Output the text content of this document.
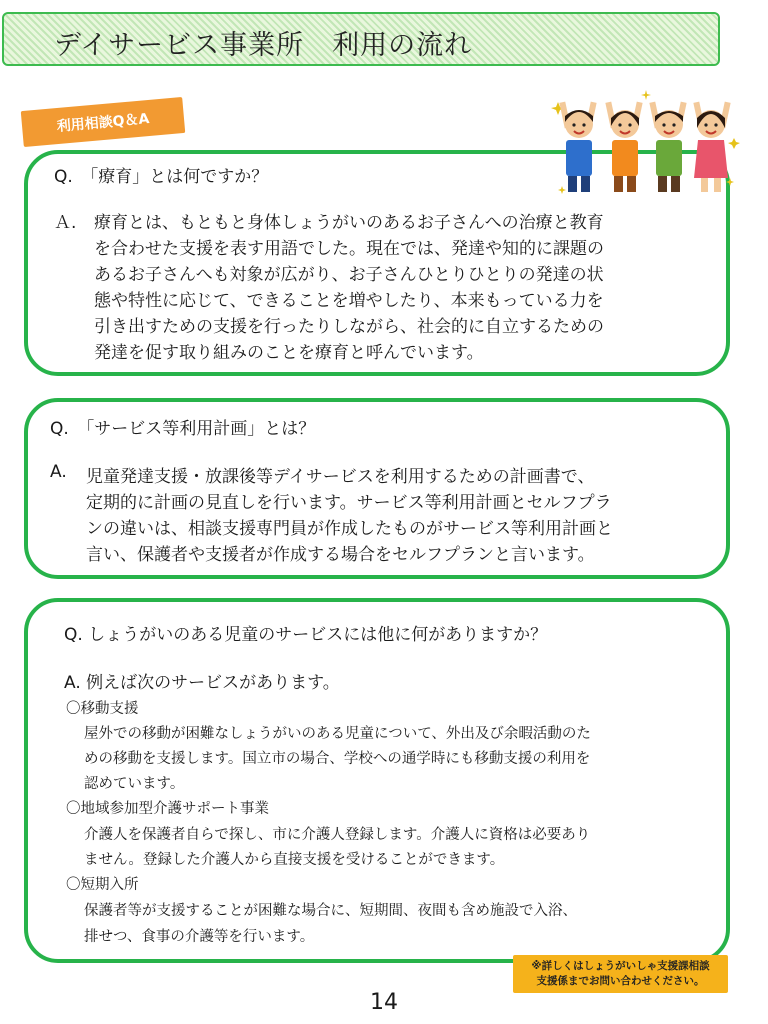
デイサービス事業所　利用の流れ
利用相談Q＆A
Q.　「療育」とは何ですか？
Ａ. 療育とは、もともと身体しょうがいのあるお子さんへの治療と教育
を合わせた支援を表す用語でした。現在では、発達や知的に課題の
あるお子さんへも対象が広がり、お子さんひとりひとりの発達の状
態や特性に応じて、できることを増やしたり、本来もっている力を
引き出すための支援を行ったりしながら、社会的に自立するための
発達を促す取り組みのことを療育と呼んでいます。
Q.　「サービス等利用計画」とは？
A. 児童発達支援・放課後等デイサービスを利用するための計画書で、
定期的に計画の見直しを行います。サービス等利用計画とセルフプラ
ンの違いは、相談支援専門員が作成したものがサービス等利用計画と
言い、保護者や支援者が作成する場合をセルフプランと言います。
Q. しょうがいのある児童のサービスには他に何がありますか？
A. 例えば次のサービスがあります。
〇移動支援
屋外での移動が困難なしょうがいのある児童について、外出及び余暇活動のた
めの移動を支援します。国立市の場合、学校への通学時にも移動支援の利用を
認めています。
〇地域参加型介護サポート事業
介護人を保護者自らで探し、市に介護人登録します。介護人に資格は必要あり
ません。登録した介護人から直接支援を受けることができます。
〇短期入所
保護者等が支援することが困難な場合に、短期間、夜間も含め施設で入浴、
排せつ、食事の介護等を行います。
※詳しくはしょうがいしゃ支援課相談
支援係までお問い合わせください。
14
